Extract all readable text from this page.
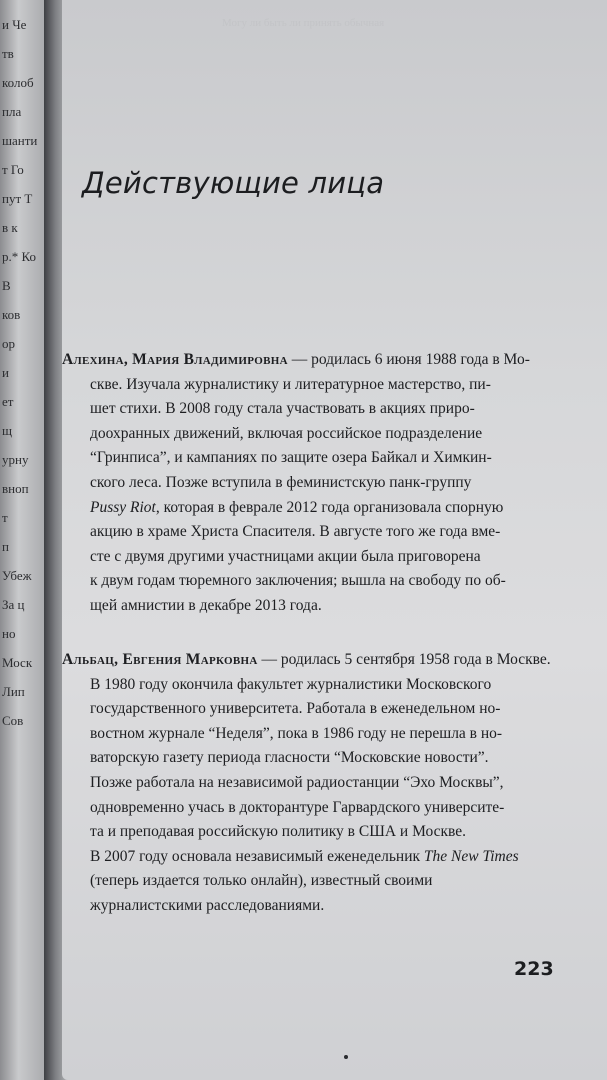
и Че
тв
колоб
пла
шанти
т Го
пут Т
в к
р.* Ко
В
ков
ор
и
ет
щ
урну
вноп
т
п
Убеж
За ц
но
Моск
Лип
Сов
Могу ли быть ли принять обычная
Действующие лица
Алехина, Мария Владимировна — родилась 6 июня 1988 года в Мо-
скве. Изучала журналистику и литературное мастерство, пи-
шет стихи. В 2008 году стала участвовать в акциях приро-
доохранных движений, включая российское подразделение
“Гринписа”, и кампаниях по защите озера Байкал и Химкин-
ского леса. Позже вступила в феминистскую панк-группу
Pussy Riot, которая в феврале 2012 года организовала спорную
акцию в храме Христа Спасителя. В августе того же года вме-
сте с двумя другими участницами акции была приговорена
к двум годам тюремного заключения; вышла на свободу по об-
щей амнистии в декабре 2013 года.
Альбац, Евгения Марковна — родилась 5 сентября 1958 года в Москве.
В 1980 году окончила факультет журналистики Московского
государственного университета. Работала в еженедельном но-
востном журнале “Неделя”, пока в 1986 году не перешла в но-
ваторскую газету периода гласности “Московские новости”.
Позже работала на независимой радиостанции “Эхо Москвы”,
одновременно учась в докторантуре Гарвардского университе-
та и преподавая российскую политику в США и Москве.
В 2007 году основала независимый еженедельник The New Times
(теперь издается только онлайн), известный своими
журналистскими расследованиями.
223
